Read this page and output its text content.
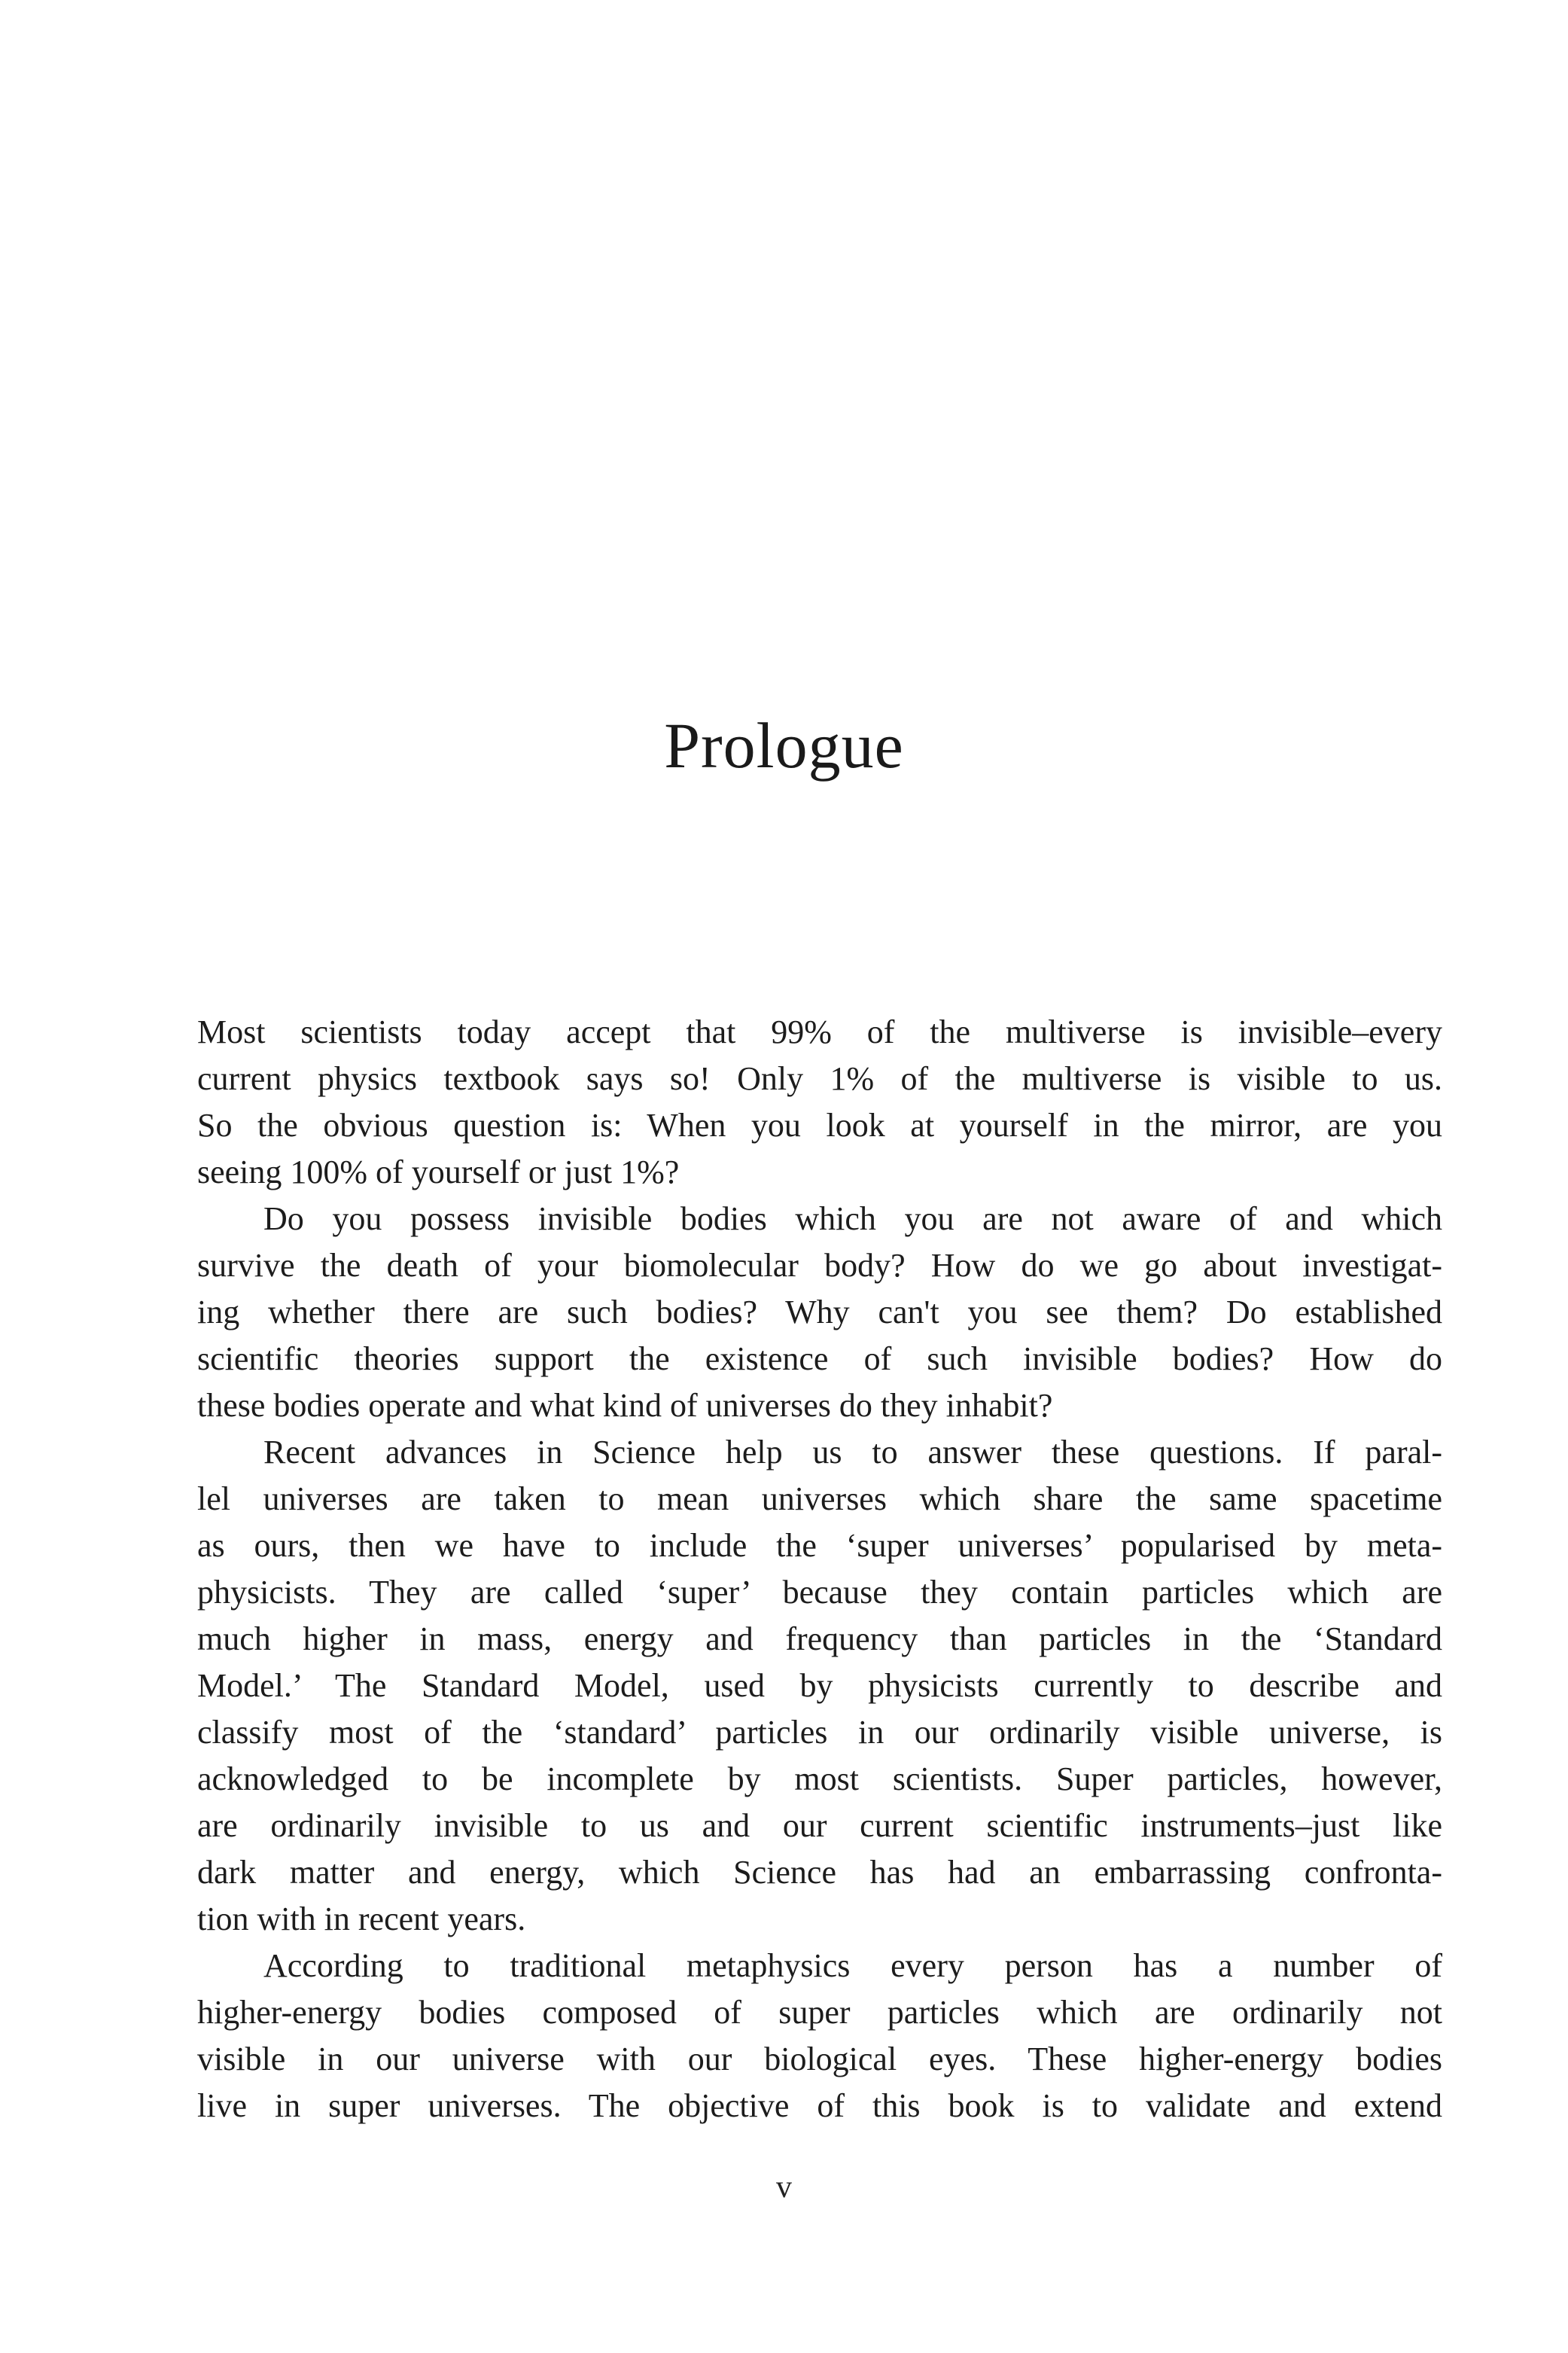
Prologue

Most scientists today accept that 99% of the multiverse is invisible–every
current physics textbook says so! Only 1% of the multiverse is visible to us.
So the obvious question is: When you look at yourself in the mirror, are you
seeing 100% of yourself or just 1%?

Do you possess invisible bodies which you are not aware of and which
survive the death of your biomolecular body? How do we go about investigat-
ing whether there are such bodies? Why can't you see them? Do established
scientific theories support the existence of such invisible bodies? How do
these bodies operate and what kind of universes do they inhabit?

Recent advances in Science help us to answer these questions. If paral-
lel universes are taken to mean universes which share the same spacetime
as ours, then we have to include the ‘super universes’ popularised by meta-
physicists. They are called ‘super’ because they contain particles which are
much higher in mass, energy and frequency than particles in the ‘Standard
Model.’ The Standard Model, used by physicists currently to describe and
classify most of the ‘standard’ particles in our ordinarily visible universe, is
acknowledged to be incomplete by most scientists. Super particles, however,
are ordinarily invisible to us and our current scientific instruments–just like
dark matter and energy, which Science has had an embarrassing confronta-
tion with in recent years.

According to traditional metaphysics every person has a number of
higher-energy bodies composed of super particles which are ordinarily not
visible in our universe with our biological eyes. These higher-energy bodies
live in super universes. The objective of this book is to validate and extend

v
